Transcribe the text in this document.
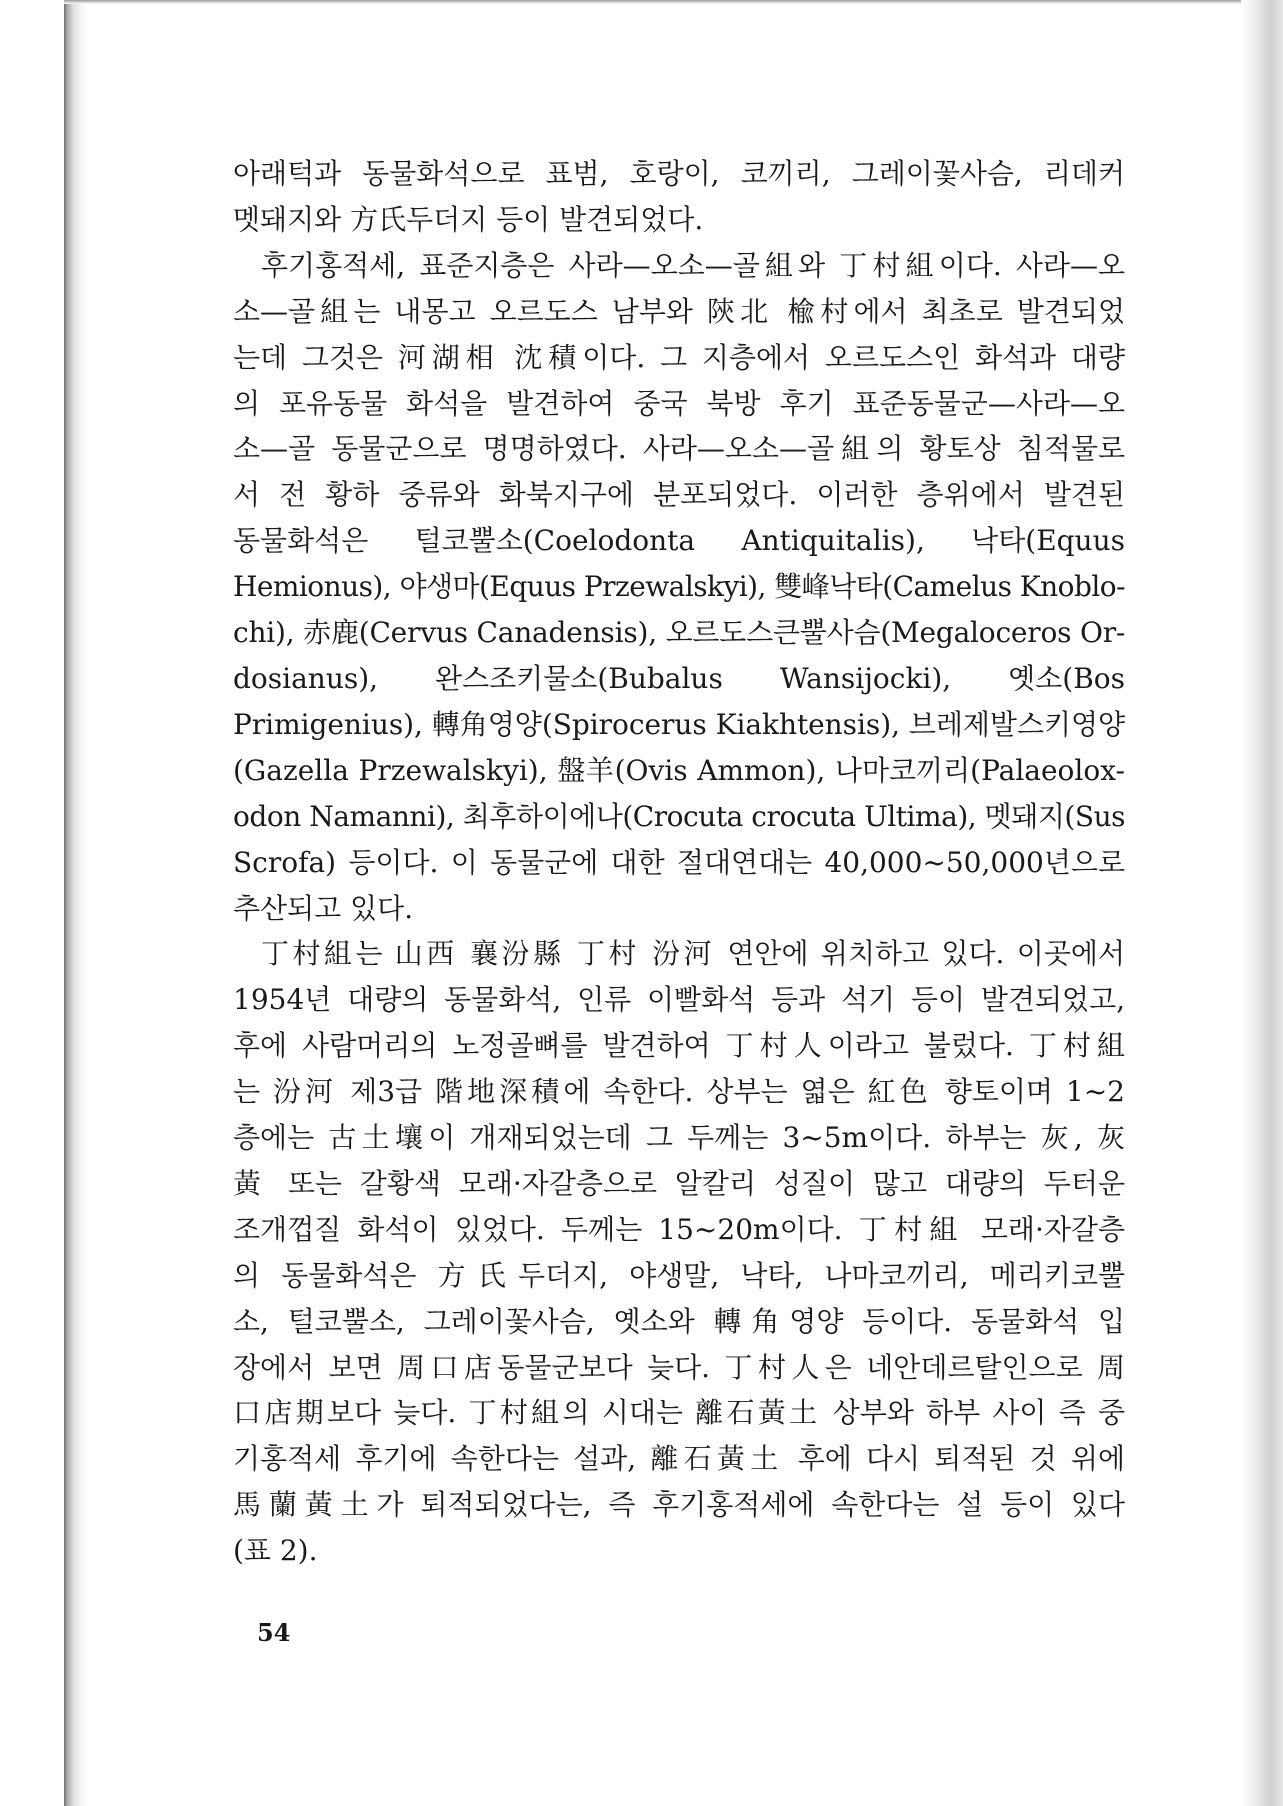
아래턱과 동물화석으로 표범, 호랑이, 코끼리, 그레이꽃사슴, 리데커
멧돼지와 方氏두더지 등이 발견되었다.
후기홍적세, 표준지층은 사라—오소—골組와 丁村組이다. 사라—오
소—골組는 내몽고 오르도스 남부와 陝北 楡村에서 최초로 발견되었
는데 그것은 河湖相 沈積이다. 그 지층에서 오르도스인 화석과 대량
의 포유동물 화석을 발견하여 중국 북방 후기 표준동물군—사라—오
소—골 동물군으로 명명하였다. 사라—오소—골組의 황토상 침적물로
서 전 황하 중류와 화북지구에 분포되었다. 이러한 층위에서 발견된
동물화석은 털코뿔소(Coelodonta Antiquitalis), 낙타(Equus
Hemionus), 야생마(Equus Przewalskyi), 雙峰낙타(Camelus Knoblo-
chi), 赤鹿(Cervus Canadensis), 오르도스큰뿔사슴(Megaloceros Or-
dosianus), 완스조키물소(Bubalus Wansijocki), 옛소(Bos
Primigenius), 轉角영양(Spirocerus Kiakhtensis), 브레제발스키영양
(Gazella Przewalskyi), 盤羊(Ovis Ammon), 나마코끼리(Palaeolox-
odon Namanni), 최후하이에나(Crocuta crocuta Ultima), 멧돼지(Sus
Scrofa) 등이다. 이 동물군에 대한 절대연대는 40,000~50,000년으로
추산되고 있다.
丁村組는 山西 襄汾縣 丁村 汾河 연안에 위치하고 있다. 이곳에서
1954년 대량의 동물화석, 인류 이빨화석 등과 석기 등이 발견되었고,
후에 사람머리의 노정골뼈를 발견하여 丁村人이라고 불렀다. 丁村組
는 汾河 제3급 階地深積에 속한다. 상부는 엷은 紅色 향토이며 1~2
층에는 古土壤이 개재되었는데 그 두께는 3~5m이다. 하부는 灰, 灰
黃 또는 갈황색 모래·자갈층으로 알칼리 성질이 많고 대량의 두터운
조개껍질 화석이 있었다. 두께는 15~20m이다. 丁村組 모래·자갈층
의 동물화석은 方氏두더지, 야생말, 낙타, 나마코끼리, 메리키코뿔
소, 털코뿔소, 그레이꽃사슴, 옛소와 轉角영양 등이다. 동물화석 입
장에서 보면 周口店동물군보다 늦다. 丁村人은 네안데르탈인으로 周
口店期보다 늦다. 丁村組의 시대는 離石黃土 상부와 하부 사이 즉 중
기홍적세 후기에 속한다는 설과, 離石黃土 후에 다시 퇴적된 것 위에
馬蘭黃土가 퇴적되었다는, 즉 후기홍적세에 속한다는 설 등이 있다
(표 2).
54
